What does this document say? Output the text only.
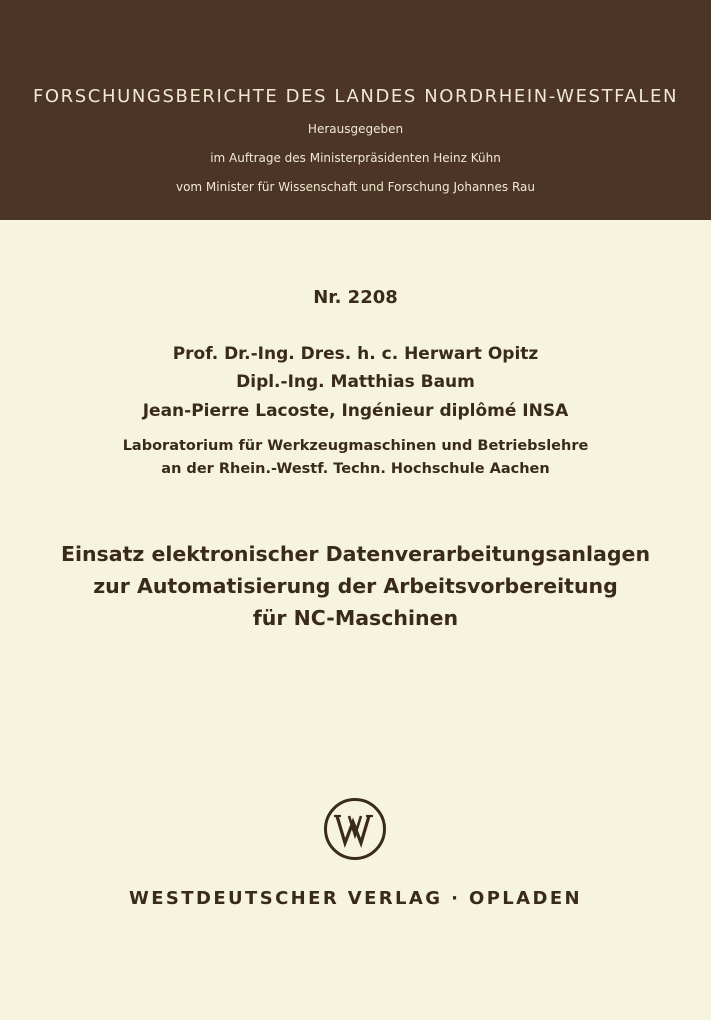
FORSCHUNGSBERICHTE DES LANDES NORDRHEIN-WESTFALEN
Herausgegeben
im Auftrage des Ministerpräsidenten Heinz Kühn
vom Minister für Wissenschaft und Forschung Johannes Rau
Nr. 2208
Prof. Dr.-Ing. Dres. h. c. Herwart Opitz
Dipl.-Ing. Matthias Baum
Jean-Pierre Lacoste, Ingénieur diplômé INSA
Laboratorium für Werkzeugmaschinen und Betriebslehre
an der Rhein.-Westf. Techn. Hochschule Aachen
Einsatz elektronischer Datenverarbeitungsanlagen
zur Automatisierung der Arbeitsvorbereitung
für NC-Maschinen
WESTDEUTSCHER VERLAG · OPLADEN
